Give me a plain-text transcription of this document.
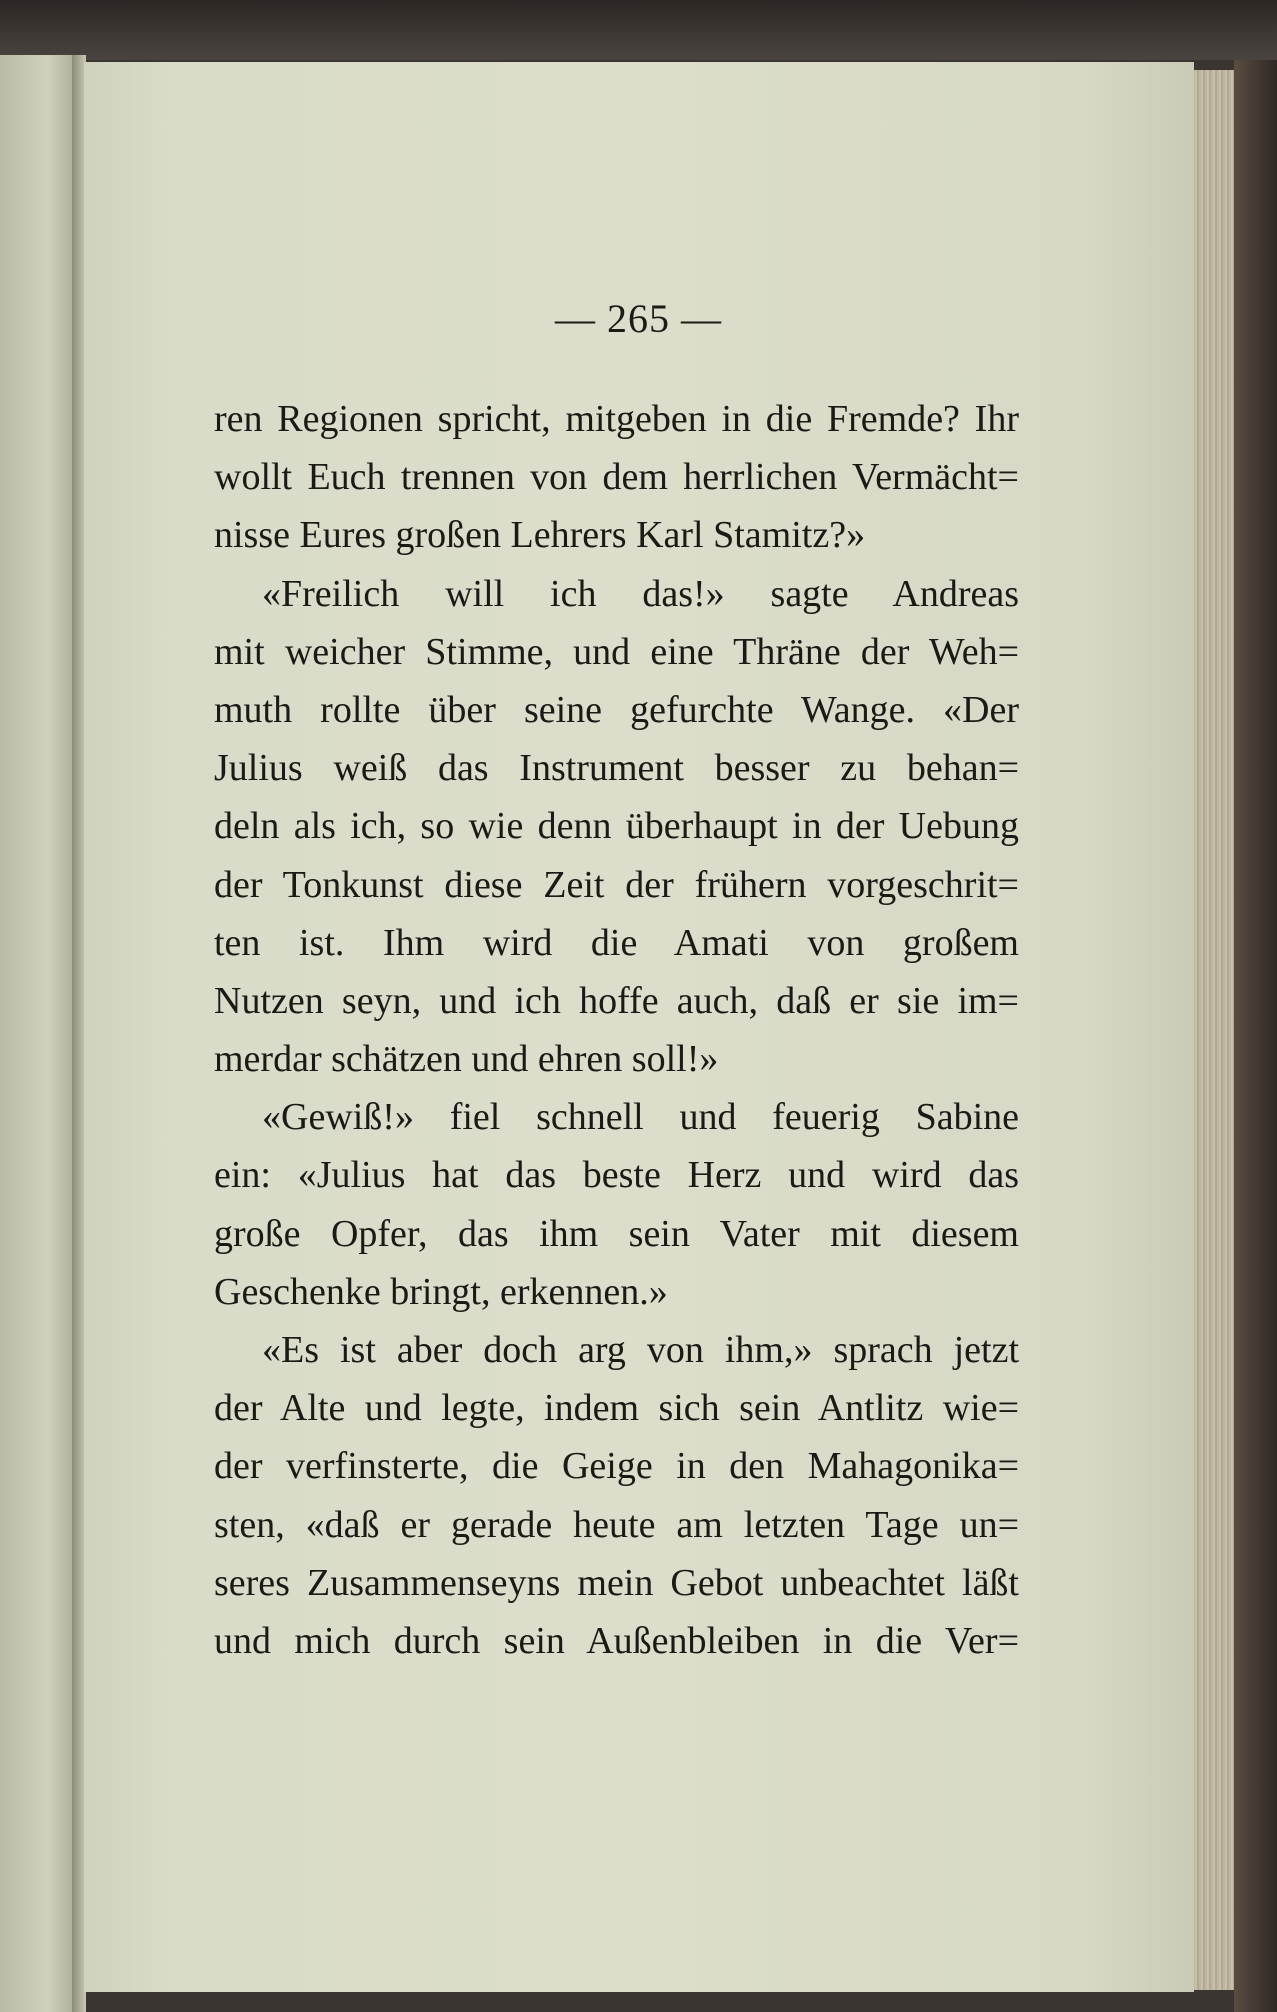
— 265 —
ren Regionen spricht, mitgeben in die Fremde? Ihr
wollt Euch trennen von dem herrlichen Vermächt=
nisse Eures großen Lehrers Karl Stamitz?»
«Freilich will ich das!» sagte Andreas
mit weicher Stimme, und eine Thräne der Weh=
muth rollte über seine gefurchte Wange. «Der
Julius weiß das Instrument besser zu behan=
deln als ich, so wie denn überhaupt in der Uebung
der Tonkunst diese Zeit der frühern vorgeschrit=
ten ist. Ihm wird die Amati von großem
Nutzen seyn, und ich hoffe auch, daß er sie im=
merdar schätzen und ehren soll!»
«Gewiß!» fiel schnell und feuerig Sabine
ein: «Julius hat das beste Herz und wird das
große Opfer, das ihm sein Vater mit diesem
Geschenke bringt, erkennen.»
«Es ist aber doch arg von ihm,» sprach jetzt
der Alte und legte, indem sich sein Antlitz wie=
der verfinsterte, die Geige in den Mahagonika=
sten, «daß er gerade heute am letzten Tage un=
seres Zusammenseyns mein Gebot unbeachtet läßt
und mich durch sein Außenbleiben in die Ver=
